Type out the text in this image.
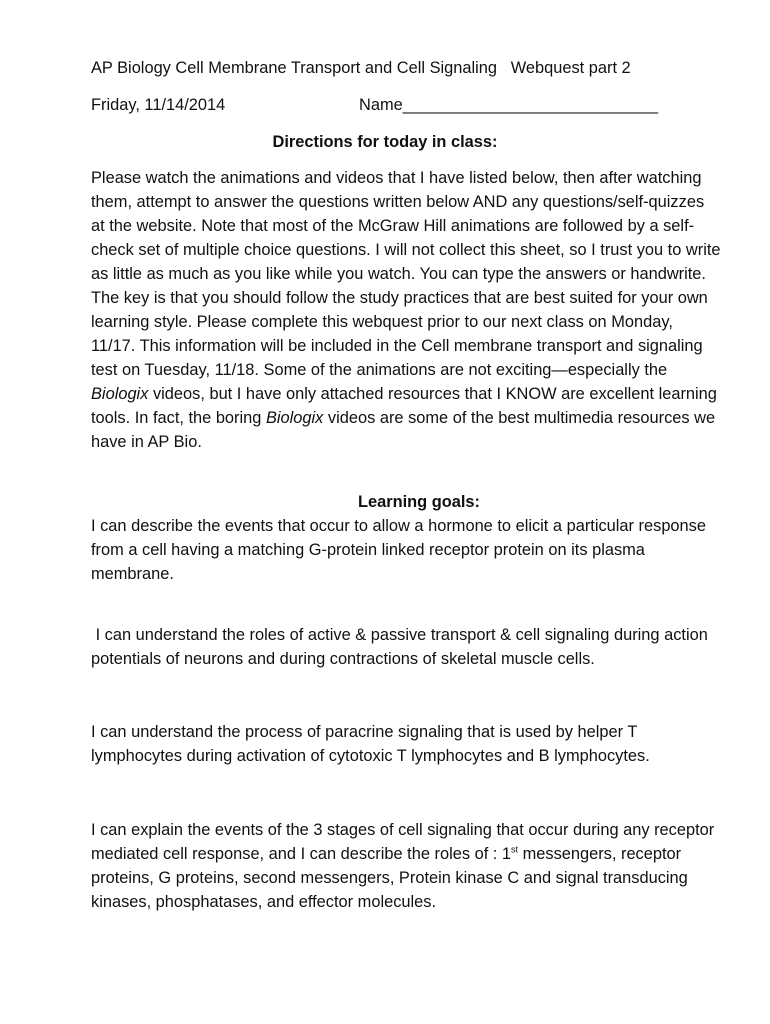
AP Biology Cell Membrane Transport and Cell Signaling   Webquest part 2

Friday, 11/14/2014	Name____________________________

Directions for today in class:

Please watch the animations and videos that I have listed below, then after watching them, attempt to answer the questions written below AND any questions/self-quizzes at the website. Note that most of the McGraw Hill animations are followed by a self-check set of multiple choice questions. I will not collect this sheet, so I trust you to write as little as much as you like while you watch. You can type the answers or handwrite. The key is that you should follow the study practices that are best suited for your own learning style. Please complete this webquest prior to our next class on Monday, 11/17. This information will be included in the Cell membrane transport and signaling test on Tuesday, 11/18. Some of the animations are not exciting—especially the Biologix videos, but I have only attached resources that I KNOW are excellent learning tools. In fact, the boring Biologix videos are some of the best multimedia resources we have in AP Bio.

Learning goals:

I can describe the events that occur to allow a hormone to elicit a particular response from a cell having a matching G-protein linked receptor protein on its plasma membrane.

I can understand the roles of active & passive transport & cell signaling during action potentials of neurons and during contractions of skeletal muscle cells.

I can understand the process of paracrine signaling that is used by helper T lymphocytes during activation of cytotoxic T lymphocytes and B lymphocytes.

I can explain the events of the 3 stages of cell signaling that occur during any receptor mediated cell response, and I can describe the roles of : 1st messengers, receptor proteins, G proteins, second messengers, Protein kinase C and signal transducing kinases, phosphatases, and effector molecules.
